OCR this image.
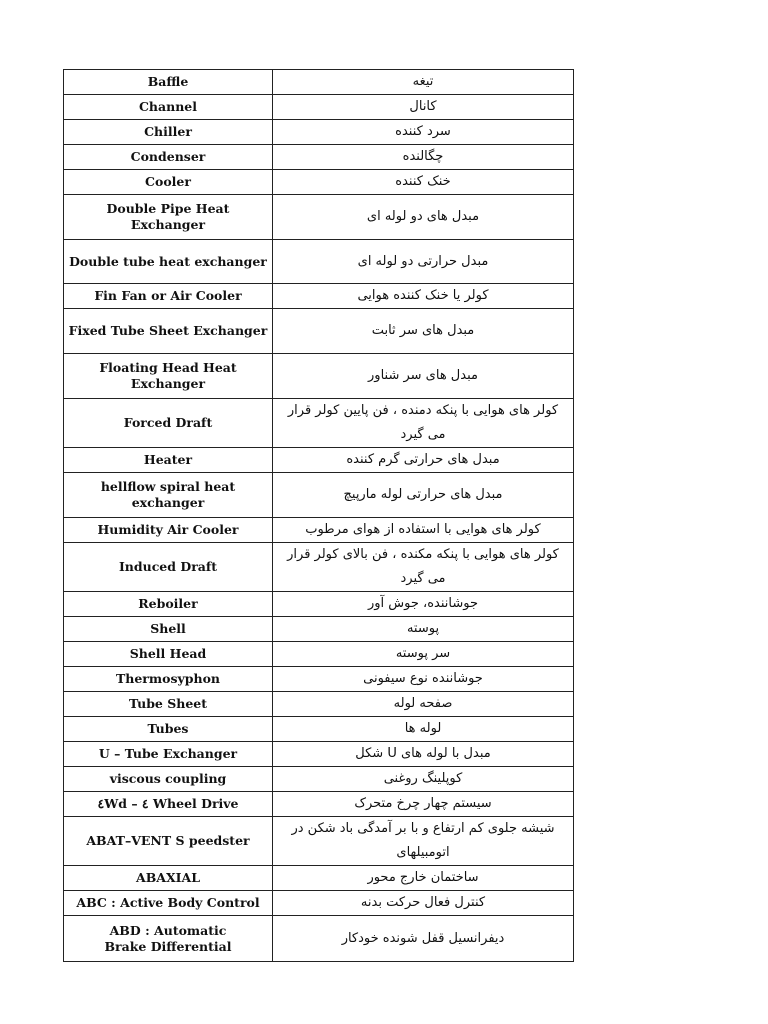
Baffle	تیغه

Channel	کانال

Chiller	سرد کننده

Condenser	چگالنده

Cooler	خنک کننده

Double Pipe Heat Exchanger	مبدل های دو لوله ای

Double tube heat exchanger	مبدل حرارتی دو لوله ای

Fin Fan or Air Cooler	کولر یا خنک کننده هوایی

Fixed Tube Sheet Exchanger	مبدل های سر ثابت

Floating Head Heat Exchanger	مبدل های سر شناور

Forced Draft	کولر های هوایی با پنکه دمنده ، فن پایین کولر قرار می گیرد

Heater	مبدل های حرارتی گرم کننده

hellflow spiral heat exchanger	مبدل های حرارتی لوله مارپیچ

Humidity Air Cooler	کولر های هوایی با استفاده از هوای مرطوب

Induced Draft	کولر های هوایی با پنکه مکنده ، فن بالای کولر قرار می گیرد

Reboiler	جوشاننده، جوش آور

Shell	پوسته

Shell Head	سر پوسته

Thermosyphon	جوشاننده نوع سیفونی

Tube Sheet	صفحه لوله

Tubes	لوله ها

U – Tube Exchanger	مبدل با لوله های U شکل

viscous coupling	کوپلینگ روغنی

٤Wd – ٤ Wheel Drive	سیستم چهار چرخ متحرک

ABAT–VENT S peedster	شیشه جلوی کم ارتفاع و با بر آمدگی باد شکن در اتومبیلهای

ABAXIAL	ساختمان خارج محور

ABC : Active Body Control	کنترل فعال حرکت بدنه

ABD : Automatic
Brake Differential	دیفرانسیل قفل شونده خودکار
